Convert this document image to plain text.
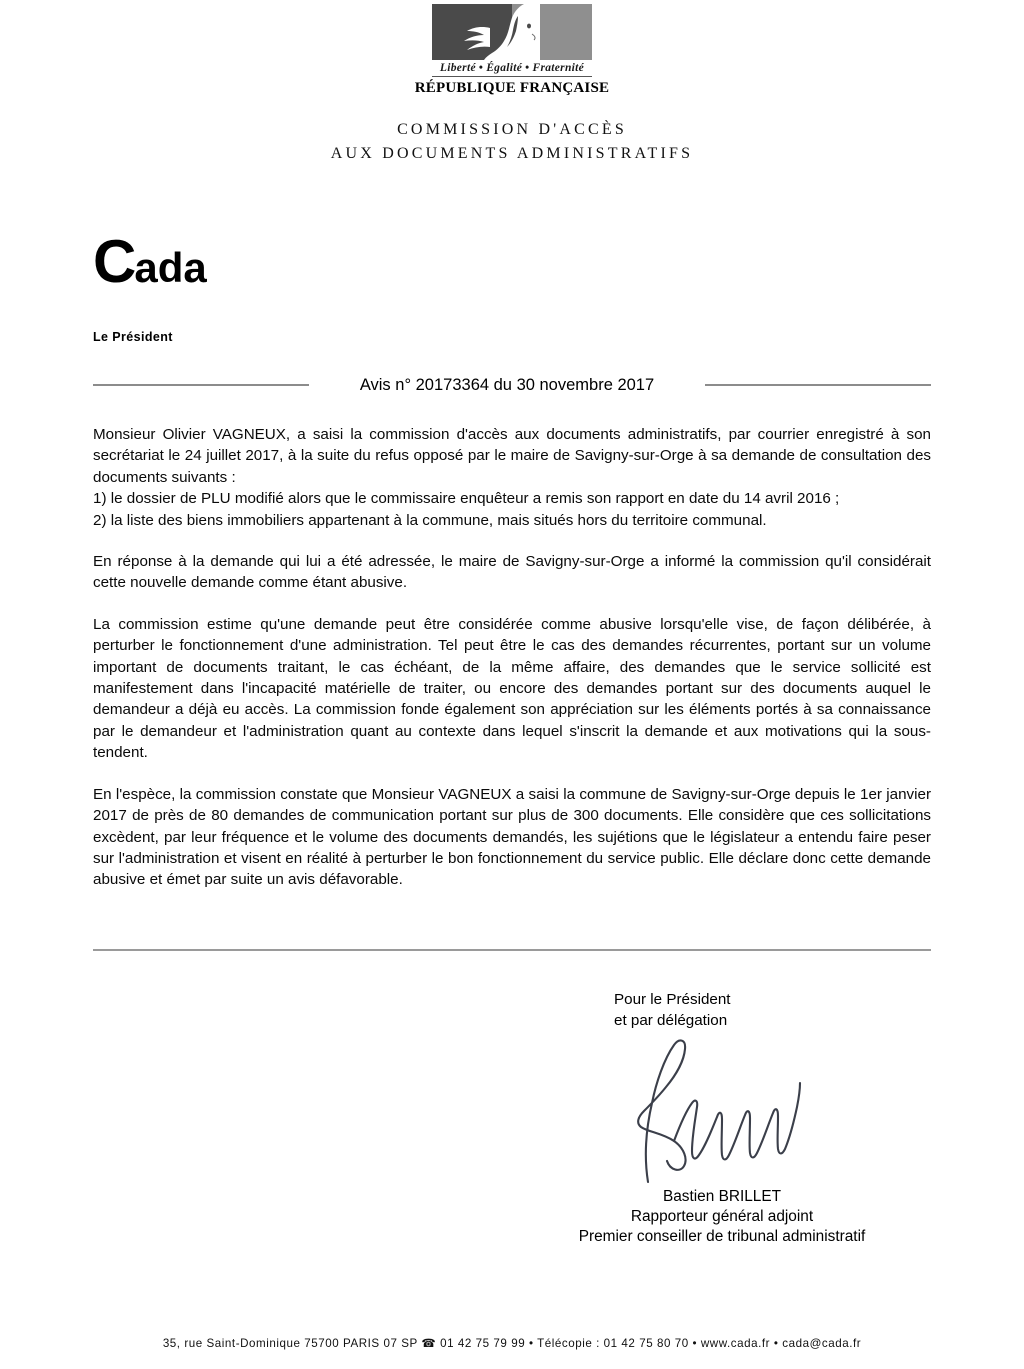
Liberté • Égalité • Fraternité
RÉPUBLIQUE FRANÇAISE
COMMISSION D'ACCÈS
AUX DOCUMENTS ADMINISTRATIFS
Cada
Le Président
Avis n° 20173364 du 30 novembre 2017

Monsieur Olivier VAGNEUX, a saisi la commission d'accès aux documents administratifs, par courrier enregistré à son secrétariat le 24 juillet 2017, à la suite du refus opposé par le maire de Savigny-sur-Orge à sa demande de consultation des documents suivants :

1) le dossier de PLU modifié alors que le commissaire enquêteur a remis son rapport en date du 14 avril 2016 ;

2) la liste des biens immobiliers appartenant à la commune, mais situés hors du territoire communal.

En réponse à la demande qui lui a été adressée, le maire de Savigny-sur-Orge a informé la commission qu'il considérait cette nouvelle demande comme étant abusive.

La commission estime qu'une demande peut être considérée comme abusive lorsqu'elle vise, de façon délibérée, à perturber le fonctionnement d'une administration. Tel peut être le cas des demandes récurrentes, portant sur un volume important de documents traitant, le cas échéant, de la même affaire, des demandes que le service sollicité est manifestement dans l'incapacité matérielle de traiter, ou encore des demandes portant sur des documents auquel le demandeur a déjà eu accès. La commission fonde également son appréciation sur les éléments portés à sa connaissance par le demandeur et l'administration quant au contexte dans lequel s'inscrit la demande et aux motivations qui la sous-tendent.

En l'espèce, la commission constate que Monsieur VAGNEUX a saisi la commune de Savigny-sur-Orge depuis le 1er janvier 2017 de près de 80 demandes de communication portant sur plus de 300 documents. Elle considère que ces sollicitations excèdent, par leur fréquence et le volume des documents demandés, les sujétions que le législateur a entendu faire peser sur l'administration et visent en réalité à perturber le bon fonctionnement du service public. Elle déclare donc cette demande abusive et émet par suite un avis défavorable.

Pour le Président
et par délégation
Bastien BRILLET
Rapporteur général adjoint
Premier conseiller de tribunal administratif
35, rue Saint-Dominique 75700 PARIS 07 SP ☎ 01 42 75 79 99 • Télécopie : 01 42 75 80 70 • www.cada.fr • cada@cada.fr
